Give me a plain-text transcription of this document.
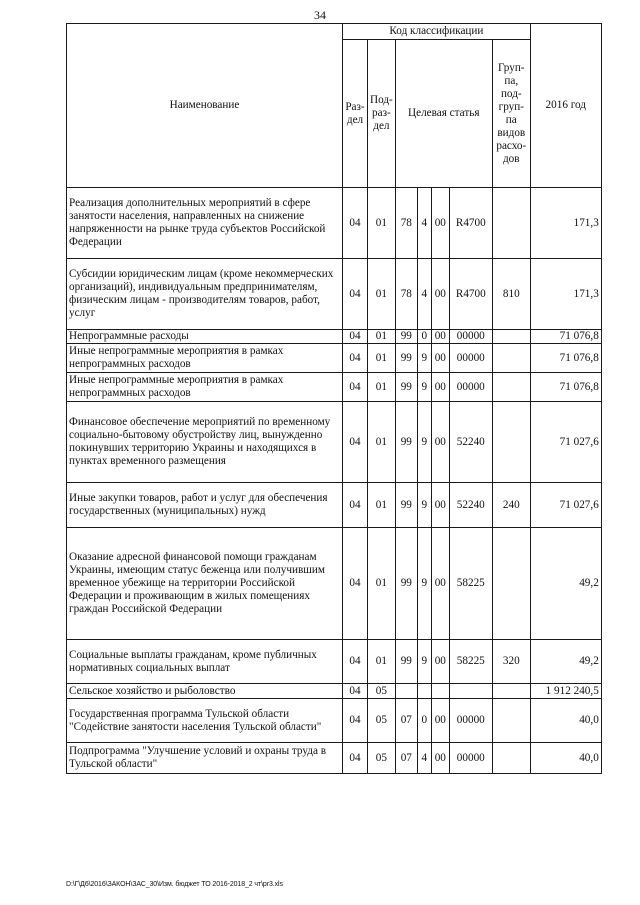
34
Наименование	Код классификации							2016 год
	Раз-дел	Под-раз-дел	Целевая статья				Груп-па, под-груп-па видов расхо-дов	
Реализация дополнительных мероприятий в сфере занятости населения, направленных на снижение напряженности на рынке труда субъектов Российской Федерации	04	01	78	4	00	R4700		171,3
Субсидии юридическим лицам (кроме некоммерческих организаций), индивидуальным предпринимателям, физическим лицам - производителям товаров, работ, услуг	04	01	78	4	00	R4700	810	171,3
Непрограммные расходы	04	01	99	0	00	00000		71 076,8
Иные непрограммные мероприятия в рамках непрограммных расходов	04	01	99	9	00	00000		71 076,8
Иные непрограммные мероприятия в рамках непрограммных расходов	04	01	99	9	00	00000		71 076,8
Финансовое обеспечение мероприятий по временному социально-бытовому обустройству лиц, вынужденно покинувших территорию Украины и находящихся в пунктах временного размещения	04	01	99	9	00	52240		71 027,6
Иные закупки товаров, работ и услуг для обеспечения государственных (муниципальных) нужд	04	01	99	9	00	52240	240	71 027,6
Оказание адресной финансовой помощи гражданам Украины, имеющим статус беженца или получившим временное убежище на территории Российской Федерации и проживающим в жилых помещениях граждан Российской Федерации	04	01	99	9	00	58225		49,2
Социальные выплаты гражданам, кроме публичных нормативных социальных выплат	04	01	99	9	00	58225	320	49,2
Сельское хозяйство и рыболовство	04	05						1 912 240,5
Государственная программа Тульской области "Содействие занятости населения Тульской области"	04	05	07	0	00	00000		40,0
Подпрограмма "Улучшение условий и охраны труда в Тульской области"	04	05	07	4	00	00000		40,0
D:\Г\Д6\2016\ЗАКОН\ЗАС_30\Изм. бюджет ТО 2016-2018_2 чт\pr3.xls
